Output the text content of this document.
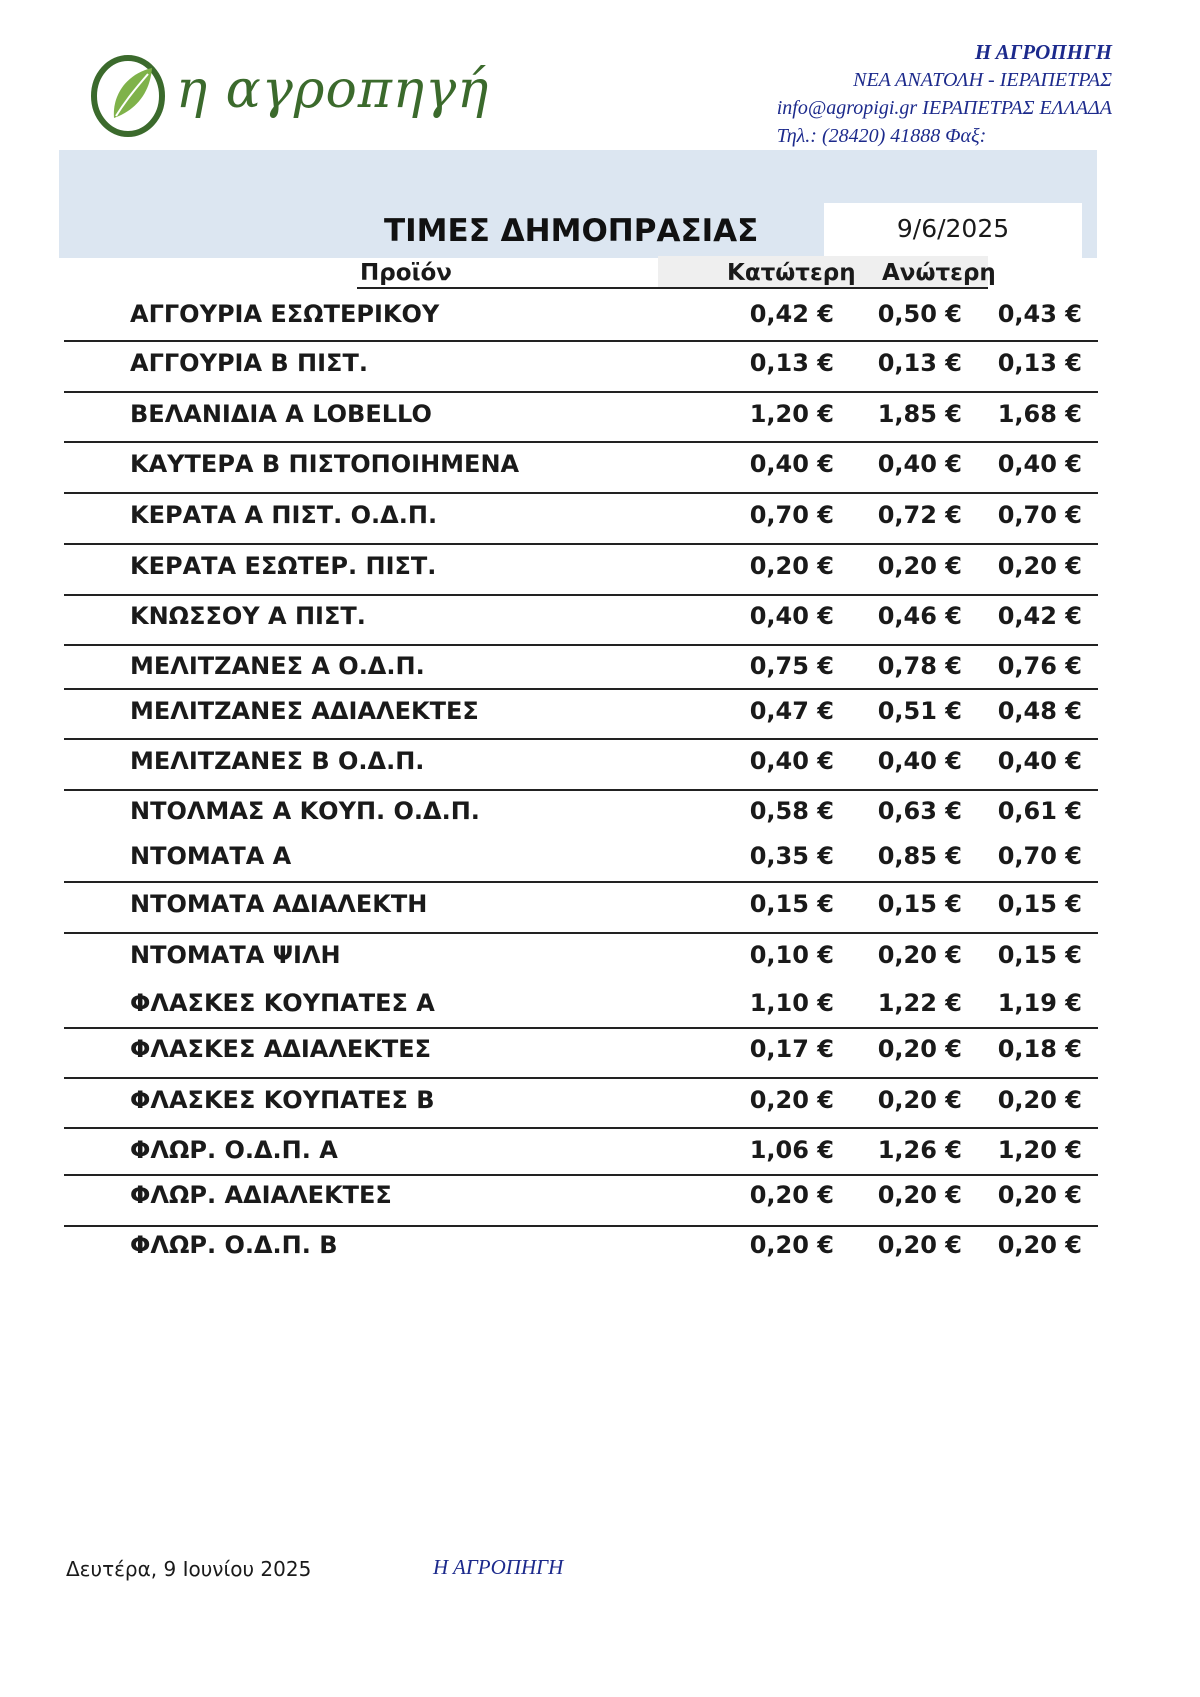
η αγροπηγή
Η ΑΓΡΟΠΗΓΗ
ΝΕΑ ΑΝΑΤΟΛΗ - ΙΕΡΑΠΕΤΡΑΣ
info@agropigi.gr ΙΕΡΑΠΕΤΡΑΣ ΕΛΛΑΔΑ
Τηλ.: (28420) 41888 Φαξ:
9/6/2025
ΤΙΜΕΣ ΔΗΜΟΠΡΑΣΙΑΣ
Προϊόν	Κατώτερη Ανώτερη
ΑΓΓΟΥΡΙΑ ΕΣΩΤΕΡΙΚΟΥ	0,42 € 0,50 € 0,43 €
ΑΓΓΟΥΡΙΑ Β ΠΙΣΤ.	0,13 € 0,13 € 0,13 €
ΒΕΛΑΝΙΔΙΑ Α LOBELLO	1,20 € 1,85 € 1,68 €
ΚΑΥΤΕΡΑ Β ΠΙΣΤΟΠΟΙΗΜΕΝΑ	0,40 € 0,40 € 0,40 €
ΚΕΡΑΤΑ Α ΠΙΣΤ. Ο.Δ.Π.	0,70 € 0,72 € 0,70 €
ΚΕΡΑΤΑ ΕΣΩΤΕΡ. ΠΙΣΤ.	0,20 € 0,20 € 0,20 €
ΚΝΩΣΣΟΥ Α ΠΙΣΤ.	0,40 € 0,46 € 0,42 €
ΜΕΛΙΤΖΑΝΕΣ Α Ο.Δ.Π.	0,75 € 0,78 € 0,76 €
ΜΕΛΙΤΖΑΝΕΣ ΑΔΙΑΛΕΚΤΕΣ	0,47 € 0,51 € 0,48 €
ΜΕΛΙΤΖΑΝΕΣ Β Ο.Δ.Π.	0,40 € 0,40 € 0,40 €
ΝΤΟΛΜΑΣ Α ΚΟΥΠ. Ο.Δ.Π.	0,58 € 0,63 € 0,61 €
ΝΤΟΜΑΤΑ Α	0,35 € 0,85 € 0,70 €
ΝΤΟΜΑΤΑ ΑΔΙΑΛΕΚΤΗ	0,15 € 0,15 € 0,15 €
ΝΤΟΜΑΤΑ ΨΙΛΗ	0,10 € 0,20 € 0,15 €
ΦΛΑΣΚΕΣ ΚΟΥΠΑΤΕΣ Α	1,10 € 1,22 € 1,19 €
ΦΛΑΣΚΕΣ ΑΔΙΑΛΕΚΤΕΣ	0,17 € 0,20 € 0,18 €
ΦΛΑΣΚΕΣ ΚΟΥΠΑΤΕΣ Β	0,20 € 0,20 € 0,20 €
ΦΛΩΡ. Ο.Δ.Π. Α	1,06 € 1,26 € 1,20 €
ΦΛΩΡ. ΑΔΙΑΛΕΚΤΕΣ	0,20 € 0,20 € 0,20 €
ΦΛΩΡ. Ο.Δ.Π. Β	0,20 € 0,20 € 0,20 €
Δευτέρα, 9 Ιουνίου 2025	Η ΑΓΡΟΠΗΓΗ
